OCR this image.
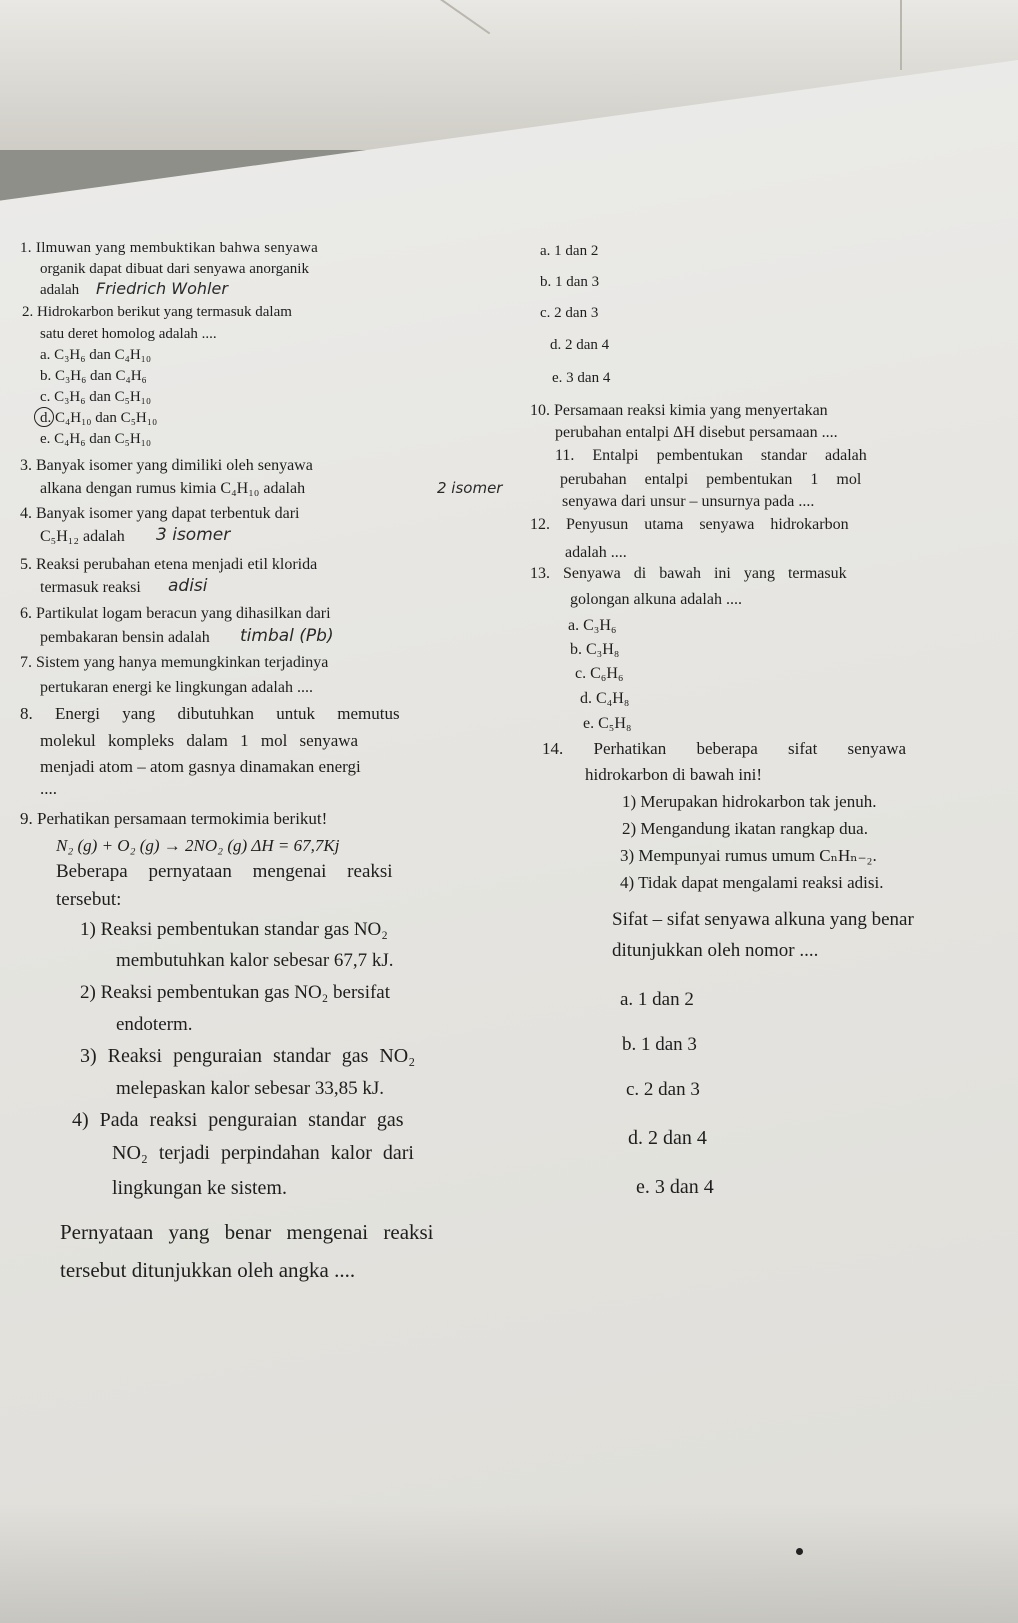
1. Ilmuwan yang membuktikan bahwa senyawa
organik dapat dibuat dari senyawa anorganik
adalah Friedrich Wohler
2. Hidrokarbon berikut yang termasuk dalam
satu deret homolog adalah ....
a. C₃H₆ dan C₄H₁₀
b. C₃H₆ dan C₄H₆
c. C₃H₆ dan C₅H₁₀
d. C₄H₁₀ dan C₅H₁₀
e. C₄H₆ dan C₅H₁₀
3. Banyak isomer yang dimiliki oleh senyawa
alkana dengan rumus kimia C₄H₁₀ adalah	2 isomer
4. Banyak isomer yang dapat terbentuk dari
C₅H₁₂ adalah 3 isomer
5. Reaksi perubahan etena menjadi etil klorida
termasuk reaksi adisi
6. Partikulat logam beracun yang dihasilkan dari
pembakaran bensin adalah timbal (Pb)
7. Sistem yang hanya memungkinkan terjadinya
pertukaran energi ke lingkungan adalah ....
8. Energi yang dibutuhkan untuk memutus
molekul kompleks dalam 1 mol senyawa
menjadi atom – atom gasnya dinamakan energi
....
9. Perhatikan persamaan termokimia berikut!
N₂ (g) + O₂ (g) → 2NO₂ (g) ΔH = 67,7Kj
Beberapa pernyataan mengenai reaksi
tersebut:
1) Reaksi pembentukan standar gas NO₂
membutuhkan kalor sebesar 67,7 kJ.
2) Reaksi pembentukan gas NO₂ bersifat
endoterm.
3) Reaksi penguraian standar gas NO₂
melepaskan kalor sebesar 33,85 kJ.
4) Pada reaksi penguraian standar gas
NO₂ terjadi perpindahan kalor dari
lingkungan ke sistem.
Pernyataan yang benar mengenai reaksi
tersebut ditunjukkan oleh angka ....
a. 1 dan 2
b. 1 dan 3
c. 2 dan 3
d. 2 dan 4
e. 3 dan 4
10. Persamaan reaksi kimia yang menyertakan
perubahan entalpi ΔH disebut persamaan ....
11. Entalpi pembentukan standar adalah
perubahan entalpi pembentukan 1 mol
senyawa dari unsur – unsurnya pada ....
12. Penyusun utama senyawa hidrokarbon
adalah ....
13. Senyawa di bawah ini yang termasuk
golongan alkuna adalah ....
a. C₃H₆
b. C₃H₈
c. C₆H₆
d. C₄H₈
e. C₅H₈
14. Perhatikan beberapa sifat senyawa
hidrokarbon di bawah ini!
1) Merupakan hidrokarbon tak jenuh.
2) Mengandung ikatan rangkap dua.
3) Mempunyai rumus umum CₙHₙ₋₂.
4) Tidak dapat mengalami reaksi adisi.
Sifat – sifat senyawa alkuna yang benar
ditunjukkan oleh nomor ....
a. 1 dan 2
b. 1 dan 3
c. 2 dan 3
d. 2 dan 4
e. 3 dan 4
